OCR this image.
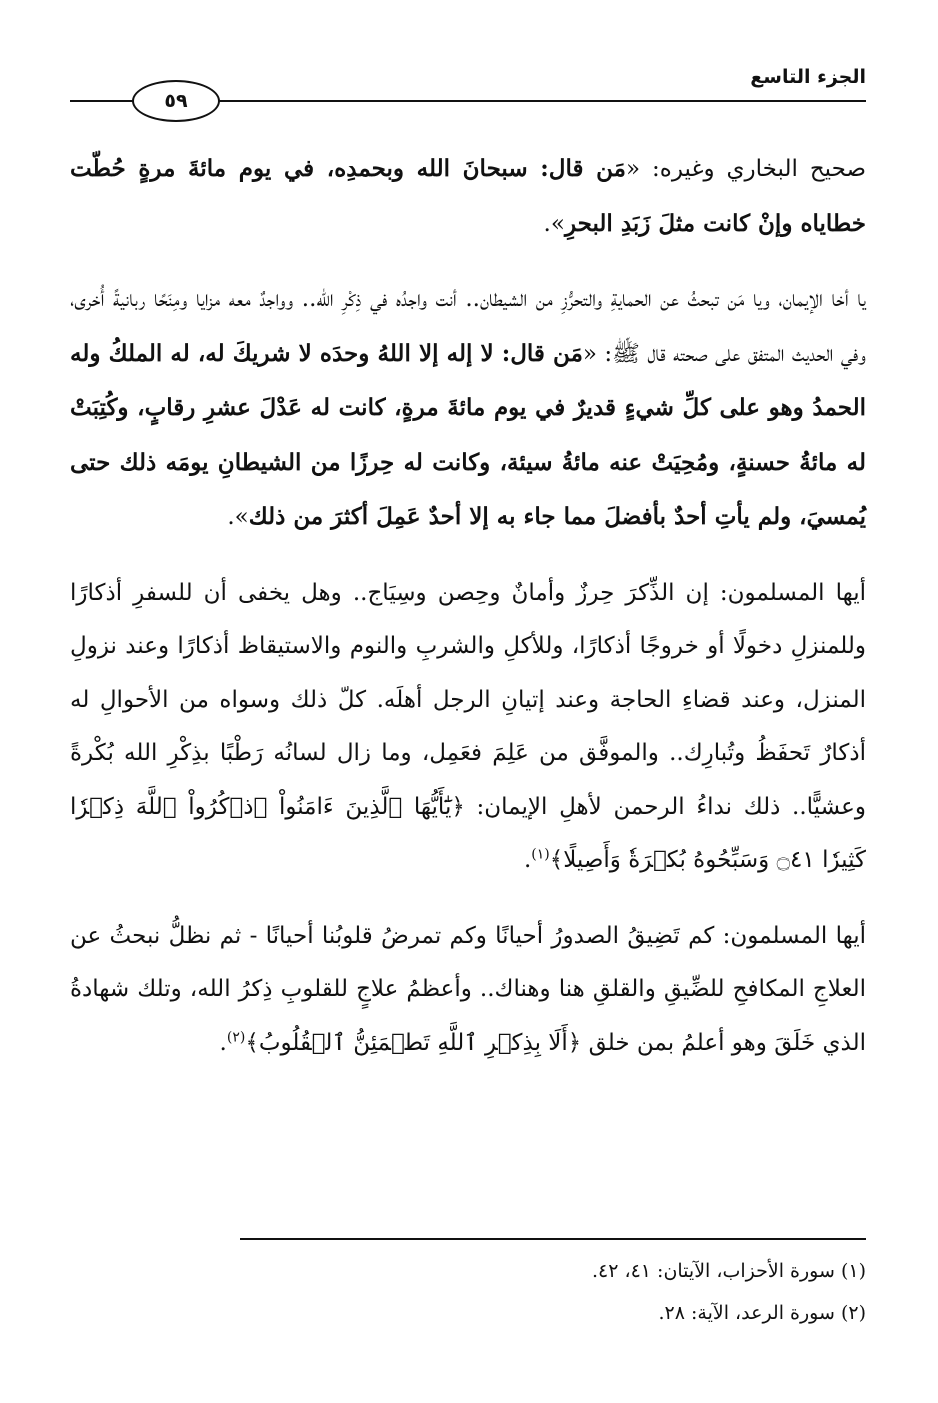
الجزء التاسع
٥٩

صحيح البخاري وغيره: «مَن قال: سبحانَ الله وبحمدِه، في يوم مائةَ مرةٍ حُطّت خطاياه وإنْ كانت مثلَ زَبَدِ البحرِ».

يا أخا الإيمان، ويا مَن تبحثُ عن الحمايةِ والتحرُّزِ من الشيطان.. أنت واجدُه في ذِكْرِ الله.. وواجدٌ معه مزايا ومِنَحًا ربانيةً أُخرى، وفي الحديث المتفق على صحته قال ﷺ: «مَن قال: لا إله إلا اللهُ وحدَه لا شريكَ له، له الملكُ وله الحمدُ وهو على كلِّ شيءٍ قديرٌ في يوم مائةَ مرةٍ، كانت له عَدْلَ عشرِ رقابٍ، وكُتِبَتْ له مائةُ حسنةٍ، ومُحِيَتْ عنه مائةُ سيئة، وكانت له حِرزًا من الشيطانِ يومَه ذلك حتى يُمسيَ، ولم يأتِ أحدٌ بأفضلَ مما جاء به إلا أحدٌ عَمِلَ أكثرَ من ذلك».

أيها المسلمون: إن الذِّكرَ حِرزٌ وأمانٌ وحِصن وسِيَاج.. وهل يخفى أن للسفرِ أذكارًا وللمنزلِ دخولًا أو خروجًا أذكارًا، وللأكلِ والشربِ والنوم والاستيقاظ أذكارًا وعند نزولِ المنزل، وعند قضاءِ الحاجة وعند إتيانِ الرجل أهلَه. كلّ ذلك وسواه من الأحوالِ له أذكارٌ تَحفَظُ وتُبارِك.. والموفَّق من عَلِمَ فعَمِل، وما زال لسانُه رَطْبًا بذِكْرِ الله بُكْرةً وعشيًّا.. ذلك نداءُ الرحمن لأهلِ الإيمان: ﴿يَٰٓأَيُّهَا ٱلَّذِينَ ءَامَنُواْ ٱذۡكُرُواْ ٱللَّهَ ذِكۡرٗا كَثِيرٗا ۝٤١ وَسَبِّحُوهُ بُكۡرَةٗ وَأَصِيلًا﴾$^{(١)}$.

أيها المسلمون: كم تَضِيقُ الصدورُ أحيانًا وكم تمرضُ قلوبُنا أحيانًا - ثم نظلُّ نبحثُ عن العلاجِ المكافحِ للضِّيقِ والقلقِ هنا وهناك.. وأعظمُ علاجٍ للقلوبِ ذِكرُ الله، وتلك شهادةُ الذي خَلَقَ وهو أعلمُ بمن خلق ﴿أَلَا بِذِكۡرِ ٱللَّهِ تَطۡمَئِنُّ ٱلۡقُلُوبُ﴾$^{(٢)}$.

(١) سورة الأحزاب، الآيتان: ٤١، ٤٢.

(٢) سورة الرعد، الآية: ٢٨.
